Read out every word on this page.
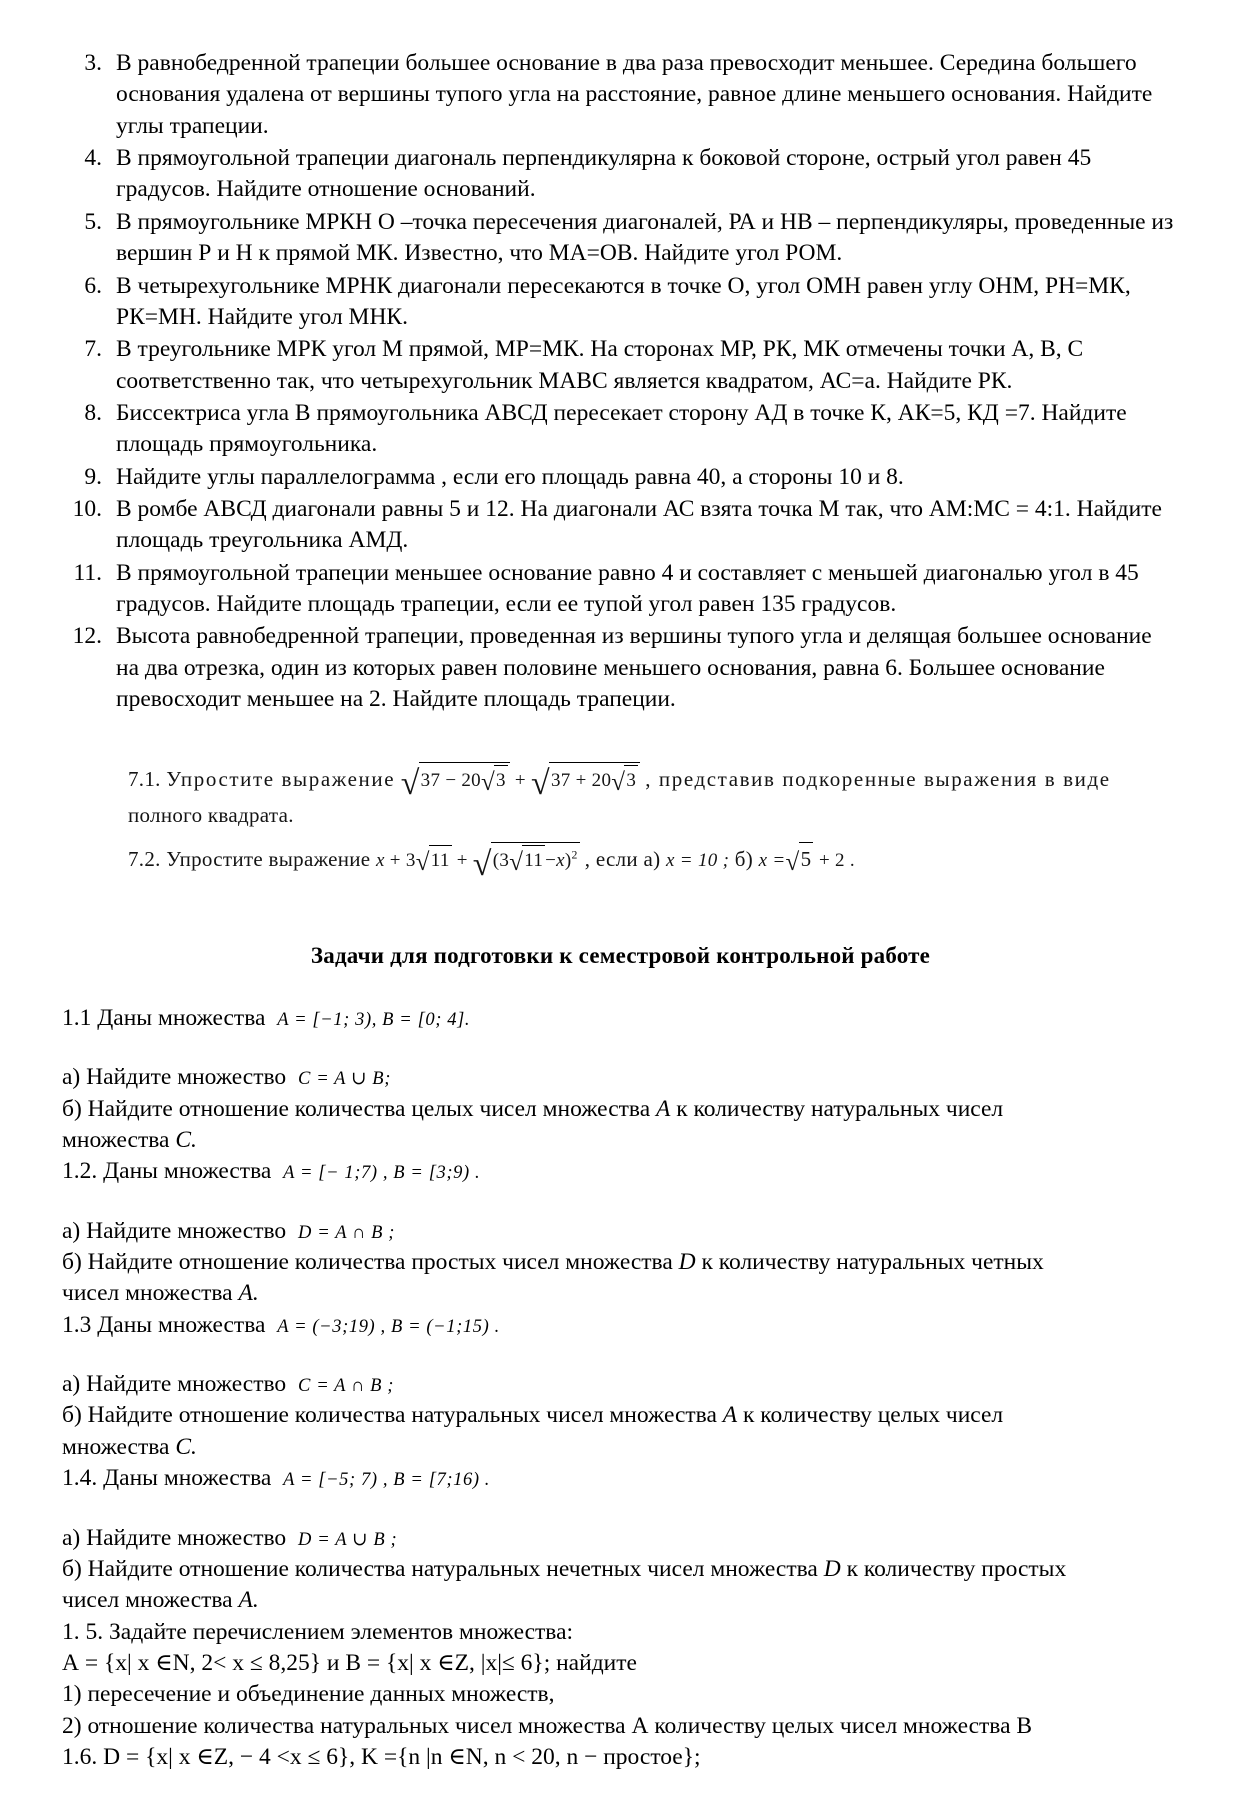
3. В равнобедренной трапеции большее основание в два раза превосходит меньшее. Середина большего основания удалена от вершины тупого угла на расстояние, равное длине меньшего основания. Найдите углы трапеции.
4. В прямоугольной трапеции диагональ перпендикулярна к боковой стороне, острый угол равен 45 градусов. Найдите отношение оснований.
5. В прямоугольнике МРКН О –точка пересечения диагоналей, РА и НВ – перпендикуляры, проведенные из вершин Р и Н к прямой МК. Известно, что МА=ОВ. Найдите угол РОМ.
6. В четырехугольнике МРНК диагонали пересекаются в точке О, угол ОМН равен углу ОНМ, РН=МК, РК=МН. Найдите угол МНК.
7. В треугольнике МРК угол М прямой, МР=МК. На сторонах МР, РК, МК отмечены точки А, В, С соответственно так, что четырехугольник МАВС является квадратом, АС=а. Найдите РК.
8. Биссектриса угла В прямоугольника АВСД пересекает сторону АД в точке К, АК=5, КД =7. Найдите площадь прямоугольника.
9. Найдите углы параллелограмма , если его площадь равна 40, а стороны 10 и 8.
10. В ромбе АВСД диагонали равны 5 и 12. На диагонали АС взята точка М так, что АМ:МС = 4:1. Найдите площадь треугольника АМД.
11. В прямоугольной трапеции меньшее основание равно 4 и составляет с меньшей диагональю угол в 45 градусов. Найдите площадь трапеции, если ее тупой угол равен 135 градусов.
12. Высота равнобедренной трапеции, проведенная из вершины тупого угла и делящая большее основание на два отрезка, один из которых равен половине меньшего основания, равна 6. Большее основание превосходит меньшее на 2. Найдите площадь трапеции.
7.1. Упростите выражение √37 − 20√3 + √37 + 20√3 , представив подкоренные выражения в виде
полного квадрата.
7.2. Упростите выражение $x + 3√11 + √(3√11 -x)^2$ , если а) x = 10 ; б) x =√5 + 2 .
Задачи для подготовки к семестровой контрольной работе

1.1 Даны множества A = [−1; 3), B = [0; 4].

а) Найдите множество C = A ∪ B;

б) Найдите отношение количества целых чисел множества A к количеству натуральных чисел

множества C.

1.2. Даны множества A = [− 1;7) , B = [3;9) .

а) Найдите множество D = A ∩ B ;

б) Найдите отношение количества простых чисел множества D к количеству натуральных четных

чисел множества A.

1.3 Даны множества A = (−3;19) , B = (−1;15) .

а) Найдите множество C = A ∩ B ;

б) Найдите отношение количества натуральных чисел множества A к количеству целых чисел

множества C.

1.4. Даны множества A = [−5; 7) , B = [7;16) .

а) Найдите множество D = A ∪ B ;

б) Найдите отношение количества натуральных нечетных чисел множества D к количеству простых

чисел множества A.

1. 5. Задайте перечислением элементов множества:

А = {x| x ∈N, 2< x ≤ 8,25} и В = {x| x ∈Z, |x|≤ 6}; найдите

1) пересечение и объединение данных множеств,

2) отношение количества натуральных чисел множества А количеству целых чисел множества В

1.6. D = {x| x ∈Z, − 4 <x ≤ 6}, K ={n |n ∈N, n < 20, n − простое};
